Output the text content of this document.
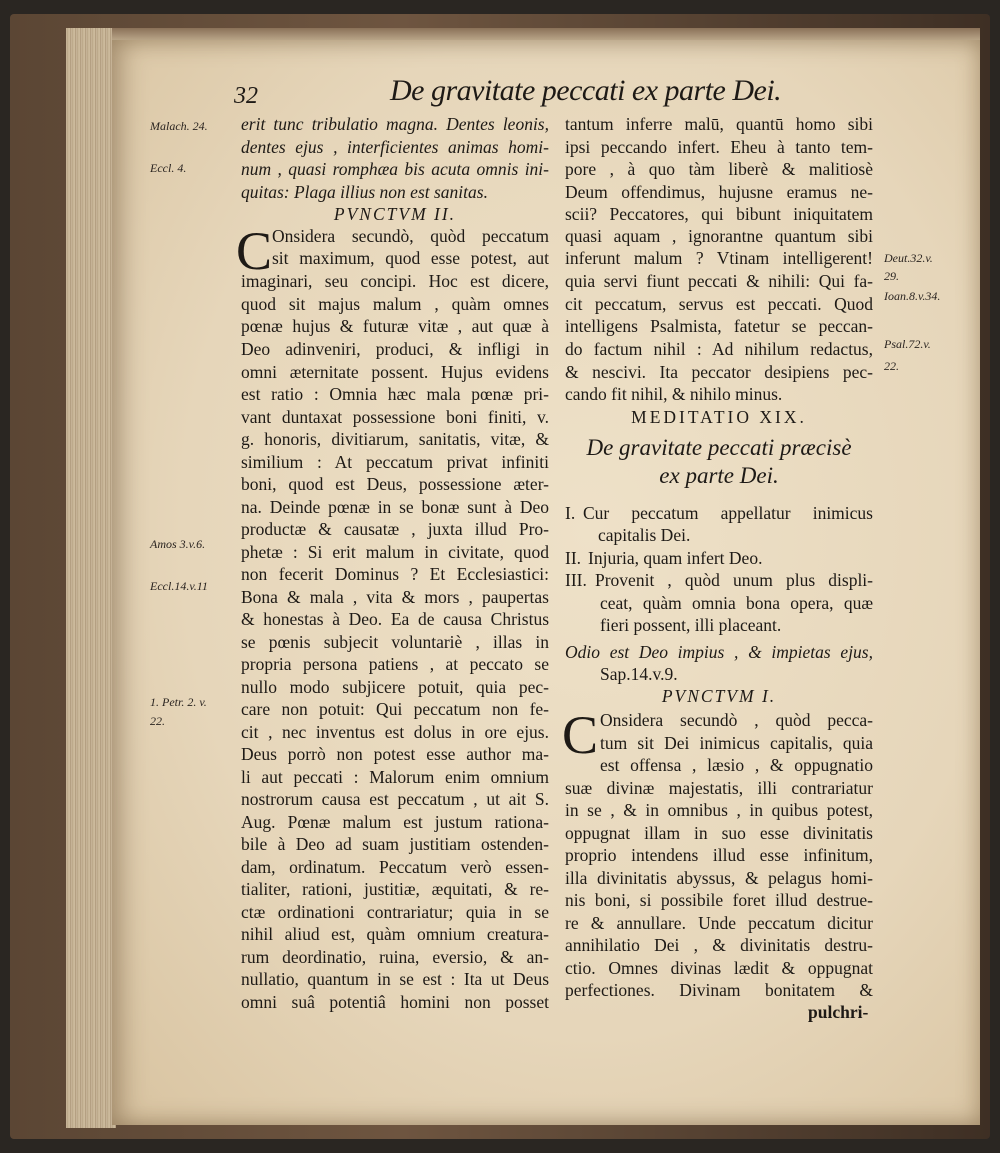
32	De gravitate peccati ex parte Dei.
Malach. 24.
Eccl. 4.
Amos 3.v.6.
Eccl.14.v.11
1. Petr. 2. v.
22.
Deut.32.v.
29.
Ioan.8.v.34.
Psal.72.v.
22.
erit tunc tribulatio magna. Dentes leonis,
dentes ejus , interficientes animas homi-
num , quasi romphæa bis acuta omnis ini-
quitas: Plaga illius non est sanitas.
PVNCTVM II.
C Onsidera secundò, quòd peccatum
sit maximum, quod esse potest, aut
imaginari, seu concipi. Hoc est dicere,
quod sit majus malum , quàm omnes
pœnæ hujus & futuræ vitæ , aut quæ à
Deo adinveniri, produci, & infligi in
omni æternitate possent. Hujus evidens
est ratio : Omnia hæc mala pœnæ pri-
vant duntaxat possessione boni finiti, v.
g. honoris, divitiarum, sanitatis, vitæ, &
similium : At peccatum privat infiniti
boni, quod est Deus, possessione æter-
na. Deinde pœnæ in se bonæ sunt à Deo
productæ & causatæ , juxta illud Pro-
phetæ : Si erit malum in civitate, quod
non fecerit Dominus ? Et Ecclesiastici:
Bona & mala , vita & mors , paupertas
& honestas à Deo. Ea de causa Christus
se pœnis subjecit voluntariè , illas in
propria persona patiens , at peccato se
nullo modo subjicere potuit, quia pec-
care non potuit: Qui peccatum non fe-
cit , nec inventus est dolus in ore ejus.
Deus porrò non potest esse author ma-
li aut peccati : Malorum enim omnium
nostrorum causa est peccatum , ut ait S.
Aug. Pœnæ malum est justum rationa-
bile à Deo ad suam justitiam ostenden-
dam, ordinatum. Peccatum verò essen-
tialiter, rationi, justitiæ, æquitati, & re-
ctæ ordinationi contrariatur; quia in se
nihil aliud est, quàm omnium creatura-
rum deordinatio, ruina, eversio, & an-
nullatio, quantum in se est : Ita ut Deus
omni suâ potentiâ homini non posset
tantum inferre malū, quantū homo sibi
ipsi peccando infert. Eheu à tanto tem-
pore , à quo tàm liberè & malitiosè
Deum offendimus, hujusne eramus ne-
scii? Peccatores, qui bibunt iniquitatem
quasi aquam , ignorantne quantum sibi
inferunt malum ? Vtinam intelligerent!
quia servi fiunt peccati & nihili: Qui fa-
cit peccatum, servus est peccati. Quod
intelligens Psalmista, fatetur se peccan-
do factum nihil : Ad nihilum redactus,
& nescivi. Ita peccator desipiens pec-
cando fit nihil, & nihilo minus.
MEDITATIO XIX.
De gravitate peccati præcisè
ex parte Dei.
I. Cur peccatum appellatur inimicus
capitalis Dei.
II. Injuria, quam infert Deo.
III. Provenit , quòd unum plus displi-
ceat, quàm omnia bona opera, quæ
fieri possent, illi placeant.
Odio est Deo impius , & impietas ejus,
Sap.14.v.9.
PVNCTVM I.
C Onsidera secundò , quòd pecca-
tum sit Dei inimicus capitalis, quia
est offensa , læsio , & oppugnatio
suæ divinæ majestatis, illi contrariatur
in se , & in omnibus , in quibus potest,
oppugnat illam in suo esse divinitatis
proprio intendens illud esse infinitum,
illa divinitatis abyssus, & pelagus homi-
nis boni, si possibile foret illud destrue-
re & annullare. Unde peccatum dicitur
annihilatio Dei , & divinitatis destru-
ctio. Omnes divinas lædit & oppugnat
perfectiones. Divinam bonitatem &
pulchri-
